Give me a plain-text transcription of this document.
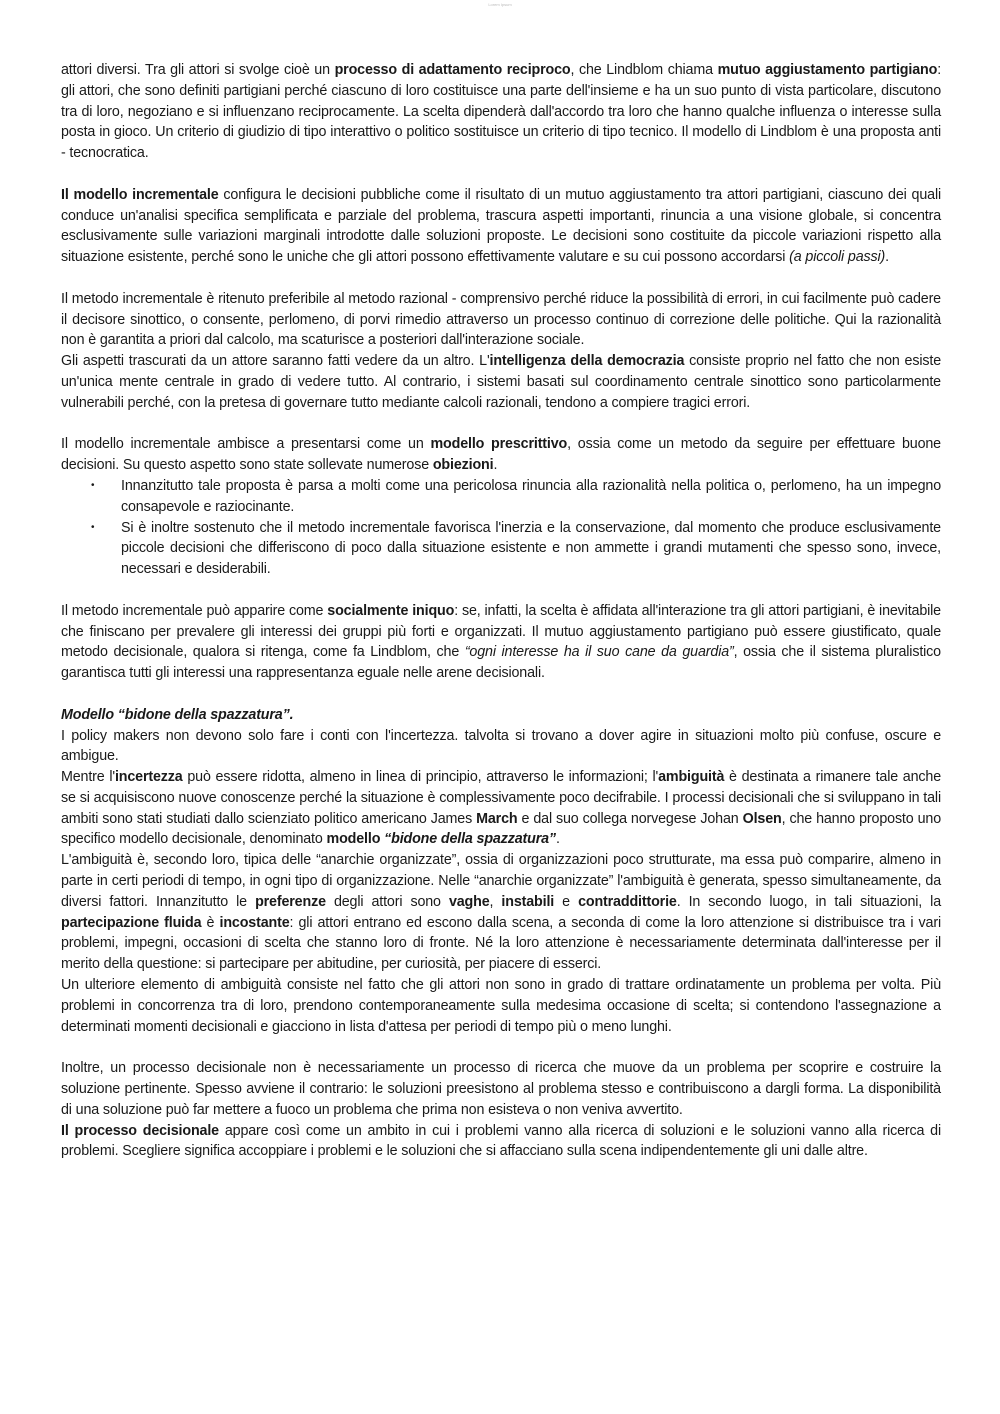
Lorem Ipsum

attori diversi. Tra gli attori si svolge cioè un processo di adattamento reciproco, che Lindblom chiama mutuo aggiustamento partigiano: gli attori, che sono definiti partigiani perché ciascuno di loro costituisce una parte dell'insieme e ha un suo punto di vista particolare, discutono tra di loro, negoziano e si influenzano reciprocamente. La scelta dipenderà dall'accordo tra loro che hanno qualche influenza o interesse sulla posta in gioco. Un criterio di giudizio di tipo interattivo o politico sostituisce un criterio di tipo tecnico. Il modello di Lindblom è una proposta anti - tecnocratica.

Il modello incrementale configura le decisioni pubbliche come il risultato di un mutuo aggiustamento tra attori partigiani, ciascuno dei quali conduce un'analisi specifica semplificata e parziale del problema, trascura aspetti importanti, rinuncia a una visione globale, si concentra esclusivamente sulle variazioni marginali introdotte dalle soluzioni proposte. Le decisioni sono costituite da piccole variazioni rispetto alla situazione esistente, perché sono le uniche che gli attori possono effettivamente valutare e su cui possono accordarsi (a piccoli passi).

Il metodo incrementale è ritenuto preferibile al metodo razional - comprensivo perché riduce la possibilità di errori, in cui facilmente può cadere il decisore sinottico, o consente, perlomeno, di porvi rimedio attraverso un processo continuo di correzione delle politiche. Qui la razionalità non è garantita a priori dal calcolo, ma scaturisce a posteriori dall'interazione sociale.

Gli aspetti trascurati da un attore saranno fatti vedere da un altro. L'intelligenza della democrazia consiste proprio nel fatto che non esiste un'unica mente centrale in grado di vedere tutto. Al contrario, i sistemi basati sul coordinamento centrale sinottico sono particolarmente vulnerabili perché, con la pretesa di governare tutto mediante calcoli razionali, tendono a compiere tragici errori.

Il modello incrementale ambisce a presentarsi come un modello prescrittivo, ossia come un metodo da seguire per effettuare buone decisioni. Su questo aspetto sono state sollevate numerose obiezioni.

• Innanzitutto tale proposta è parsa a molti come una pericolosa rinuncia alla razionalità nella politica o, perlomeno, ha un impegno consapevole e raziocinante.

• Si è inoltre sostenuto che il metodo incrementale favorisca l'inerzia e la conservazione, dal momento che produce esclusivamente piccole decisioni che differiscono di poco dalla situazione esistente e non ammette i grandi mutamenti che spesso sono, invece, necessari e desiderabili.

Il metodo incrementale può apparire come socialmente iniquo: se, infatti, la scelta è affidata all'interazione tra gli attori partigiani, è inevitabile che finiscano per prevalere gli interessi dei gruppi più forti e organizzati. Il mutuo aggiustamento partigiano può essere giustificato, quale metodo decisionale, qualora si ritenga, come fa Lindblom, che “ogni interesse ha il suo cane da guardia”, ossia che il sistema pluralistico garantisca tutti gli interessi una rappresentanza eguale nelle arene decisionali.

Modello “bidone della spazzatura”.

I policy makers non devono solo fare i conti con l'incertezza. talvolta si trovano a dover agire in situazioni molto più confuse, oscure e ambigue.

Mentre l'incertezza può essere ridotta, almeno in linea di principio, attraverso le informazioni; l'ambiguità è destinata a rimanere tale anche se si acquisiscono nuove conoscenze perché la situazione è complessivamente poco decifrabile. I processi decisionali che si sviluppano in tali ambiti sono stati studiati dallo scienziato politico americano James March e dal suo collega norvegese Johan Olsen, che hanno proposto uno specifico modello decisionale, denominato modello “bidone della spazzatura”.

L'ambiguità è, secondo loro, tipica delle “anarchie organizzate”, ossia di organizzazioni poco strutturate, ma essa può comparire, almeno in parte in certi periodi di tempo, in ogni tipo di organizzazione. Nelle “anarchie organizzate” l'ambiguità è generata, spesso simultaneamente, da diversi fattori. Innanzitutto le preferenze degli attori sono vaghe, instabili e contraddittorie. In secondo luogo, in tali situazioni, la partecipazione fluida è incostante: gli attori entrano ed escono dalla scena, a seconda di come la loro attenzione si distribuisce tra i vari problemi, impegni, occasioni di scelta che stanno loro di fronte. Né la loro attenzione è necessariamente determinata dall'interesse per il merito della questione: si partecipare per abitudine, per curiosità, per piacere di esserci.

Un ulteriore elemento di ambiguità consiste nel fatto che gli attori non sono in grado di trattare ordinatamente un problema per volta. Più problemi in concorrenza tra di loro, prendono contemporaneamente sulla medesima occasione di scelta; si contendono l'assegnazione a determinati momenti decisionali e giacciono in lista d'attesa per periodi di tempo più o meno lunghi.

Inoltre, un processo decisionale non è necessariamente un processo di ricerca che muove da un problema per scoprire e costruire la soluzione pertinente. Spesso avviene il contrario: le soluzioni preesistono al problema stesso e contribuiscono a dargli forma. La disponibilità di una soluzione può far mettere a fuoco un problema che prima non esisteva o non veniva avvertito.

Il processo decisionale appare così come un ambito in cui i problemi vanno alla ricerca di soluzioni e le soluzioni vanno alla ricerca di problemi. Scegliere significa accoppiare i problemi e le soluzioni che si affacciano sulla scena indipendentemente gli uni dalle altre.
